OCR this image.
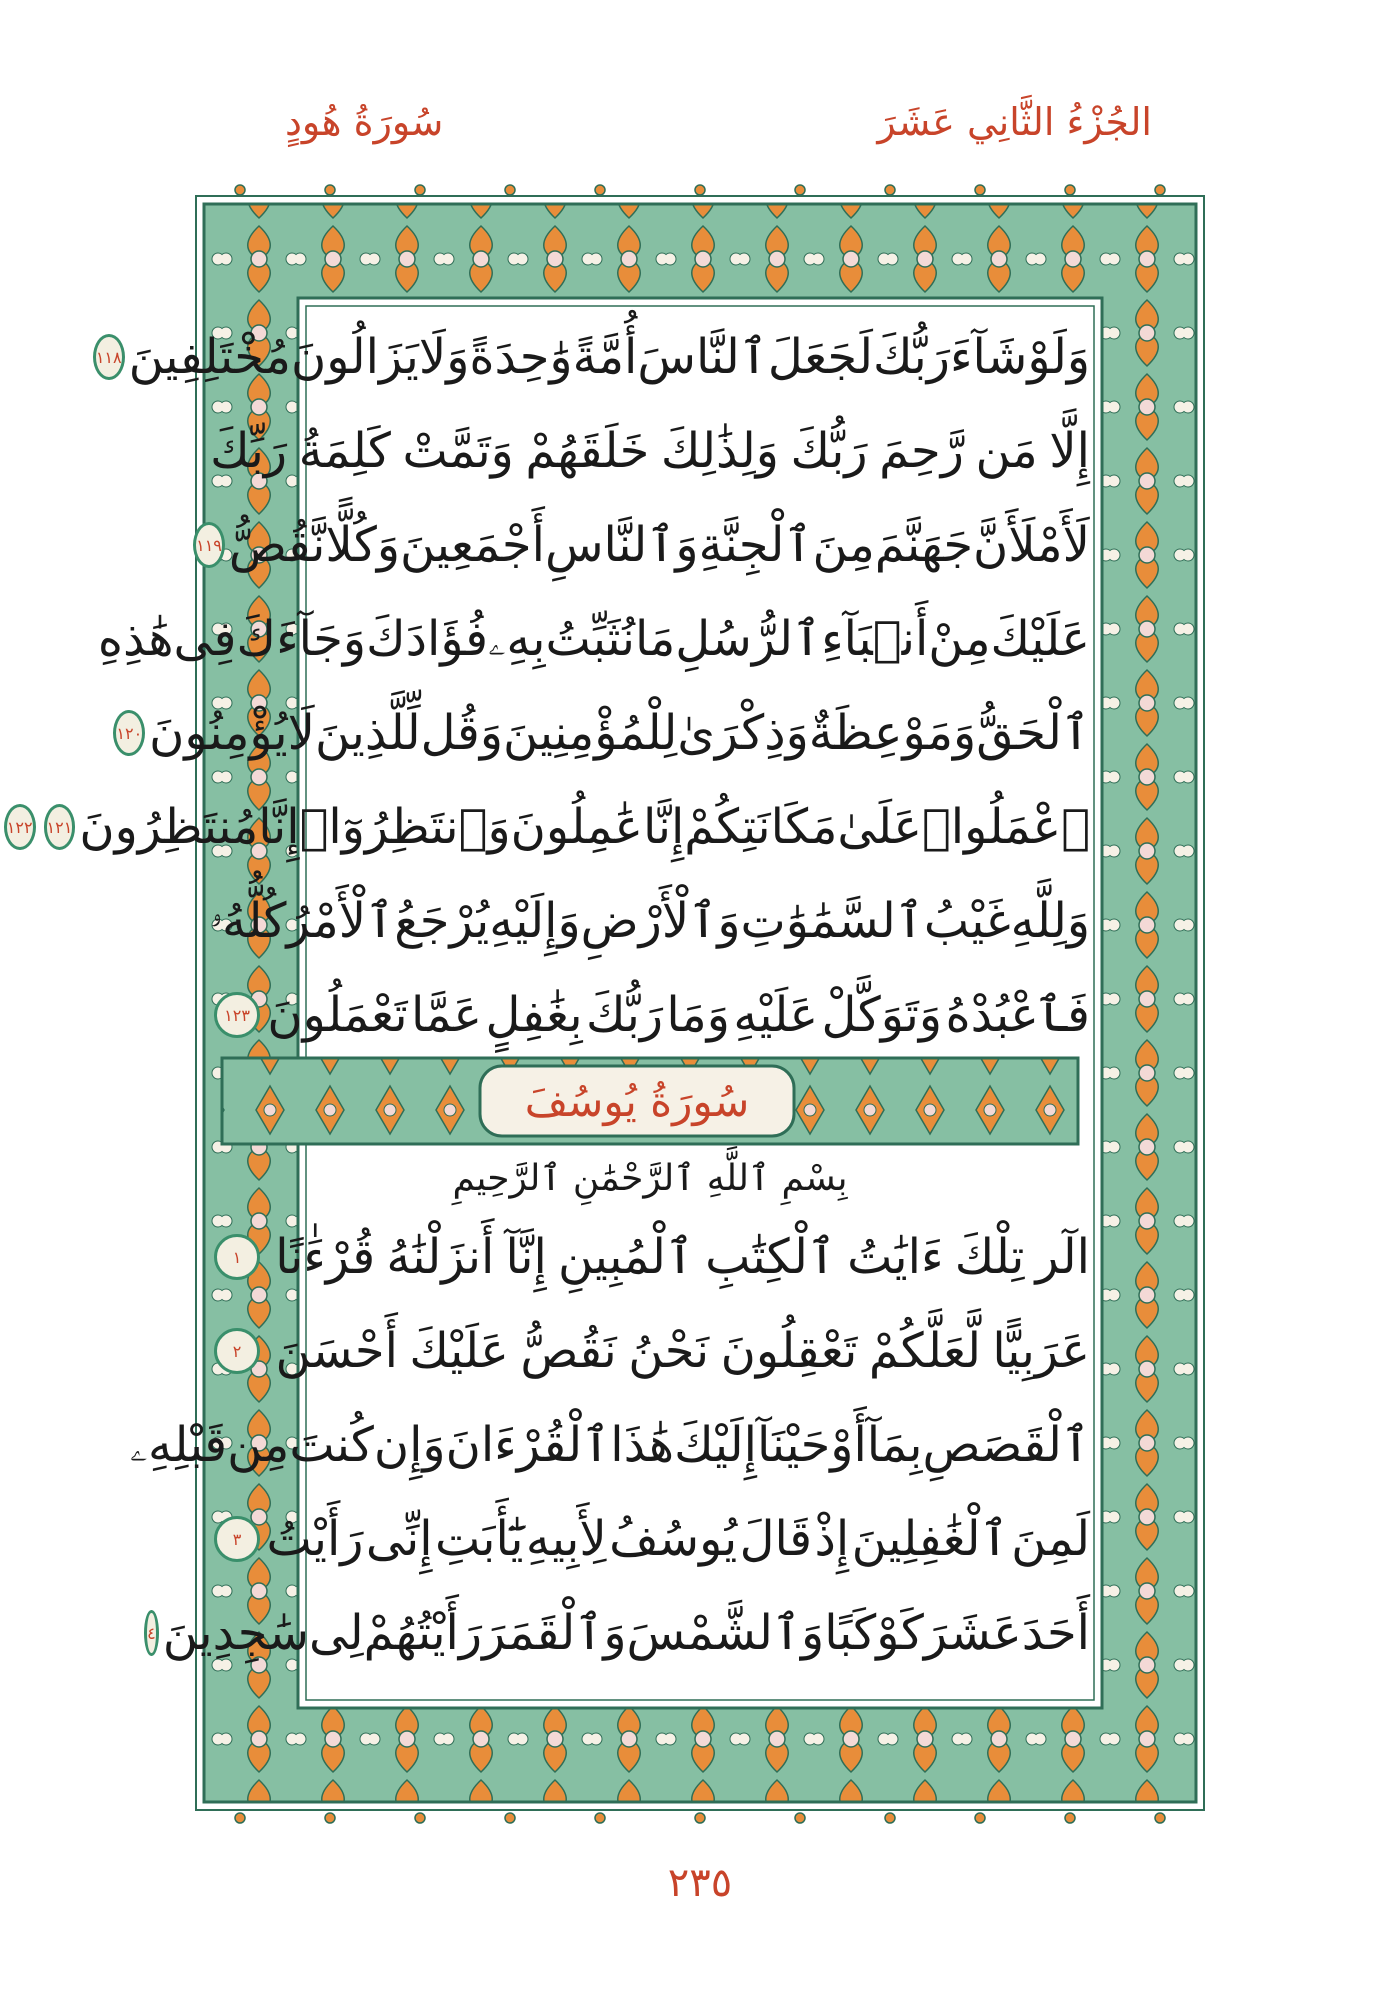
الجُزْءُ الثَّانِي عَشَرَ
سُورَةُ هُودٍ
وَلَوْ
شَآءَ
رَبُّكَ
لَجَعَلَ
ٱلنَّاسَ
أُمَّةً
وَٰحِدَةً
وَلَا
يَزَالُونَ
مُخْتَلِفِينَ
١١٨
إِلَّا
مَن
رَّحِمَ
رَبُّكَ
وَلِذَٰلِكَ
خَلَقَهُمْ
وَتَمَّتْ
كَلِمَةُ
رَبِّكَ
لَأَمْلَأَنَّ
جَهَنَّمَ
مِنَ
ٱلْجِنَّةِ
وَٱلنَّاسِ
أَجْمَعِينَ
وَكُلًّا
نَّقُصُّ
١١٩
عَلَيْكَ
مِنْ
أَنۢبَآءِ
ٱلرُّسُلِ
مَا
نُثَبِّتُ
بِهِۦ
فُؤَادَكَ
وَجَآءَكَ
فِى
هَٰذِهِ
ٱلْحَقُّ
وَمَوْعِظَةٌ
وَذِكْرَىٰ
لِلْمُؤْمِنِينَ
وَقُل
لِّلَّذِينَ
لَا
يُؤْمِنُونَ
١٢٠
ٱعْمَلُوا۟
عَلَىٰ
مَكَانَتِكُمْ
إِنَّا
عَٰمِلُونَ
وَٱنتَظِرُوٓا۟
إِنَّا
مُنتَظِرُونَ
١٢١
١٢٢
وَلِلَّهِ
غَيْبُ
ٱلسَّمَٰوَٰتِ
وَٱلْأَرْضِ
وَإِلَيْهِ
يُرْجَعُ
ٱلْأَمْرُ
كُلُّهُۥ
فَٱعْبُدْهُ
وَتَوَكَّلْ
عَلَيْهِ
وَمَا
رَبُّكَ
بِغَٰفِلٍ
عَمَّا
تَعْمَلُونَ
١٢٣
سُورَةُ يُوسُفَ
بِسْمِ ٱللَّهِ ٱلرَّحْمَٰنِ ٱلرَّحِيمِ
الٓر
تِلْكَ
ءَايَٰتُ
ٱلْكِتَٰبِ
ٱلْمُبِينِ
إِنَّآ
أَنزَلْنَٰهُ
قُرْءَٰنًا
١
عَرَبِيًّا
لَّعَلَّكُمْ
تَعْقِلُونَ
نَحْنُ
نَقُصُّ
عَلَيْكَ
أَحْسَنَ
٢
ٱلْقَصَصِ
بِمَآ
أَوْحَيْنَآ
إِلَيْكَ
هَٰذَا
ٱلْقُرْءَانَ
وَإِن
كُنتَ
مِن
قَبْلِهِۦ
لَمِنَ
ٱلْغَٰفِلِينَ
إِذْ
قَالَ
يُوسُفُ
لِأَبِيهِ
يَٰٓأَبَتِ
إِنِّى
رَأَيْتُ
٣
أَحَدَ
عَشَرَ
كَوْكَبًا
وَٱلشَّمْسَ
وَٱلْقَمَرَ
رَأَيْتُهُمْ
لِى
سَٰجِدِينَ
٤
٢٣٥
